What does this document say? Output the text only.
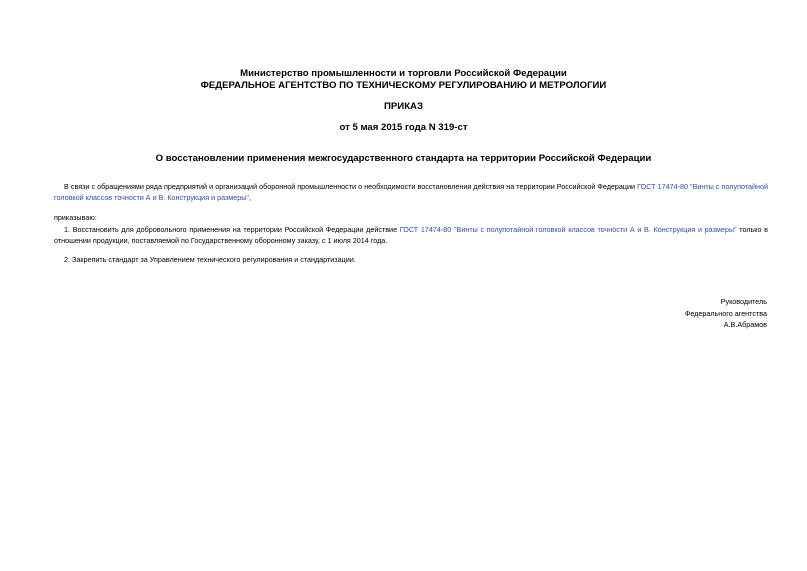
Министерство промышленности и торговли Российской Федерации
ФЕДЕРАЛЬНОЕ АГЕНТСТВО ПО ТЕХНИЧЕСКОМУ РЕГУЛИРОВАНИЮ И МЕТРОЛОГИИ
ПРИКАЗ
от 5 мая 2015 года N 319-ст
О восстановлении применения межгосударственного стандарта на территории Российской Федерации
В связи с обращениями ряда предприятий и организаций оборонной промышленности о необходимости восстановления действия на территории Российской Федерации ГОСТ 17474-80 "Винты с полупотайной головкой классов точности А и В. Конструкция и размеры",
приказываю:
1. Восстановить для добровольного применения на территории Российской Федерации действие ГОСТ 17474-80 "Винты с полупотайной головкой классов точности А и В. Конструкция и размеры" только в отношении продукции, поставляемой по Государственному оборонному заказу, с 1 июля 2014 года.
2. Закрепить стандарт за Управлением технического регулирования и стандартизации.
Руководитель
Федерального агентства
А.В.Абрамов
